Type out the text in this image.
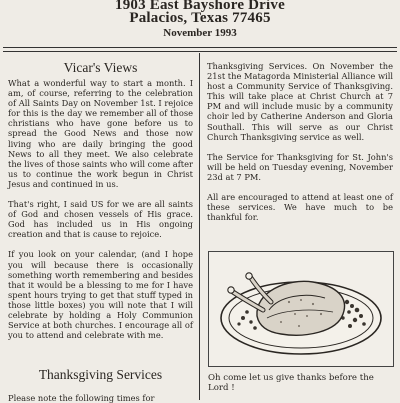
1903 East Bayshore Drive
Palacios, Texas 77465
November 1993
Vicar's Views

What a wonderful way to start a month. I am, of course, referring to the celebration of All Saints Day on November 1st. I rejoice for this is the day we remember all of those christians who have gone before us to spread the Good News and those now living who are daily bringing the good News to all they meet. We also celebrate the lives of those saints who will come after us to continue the work begun in Christ Jesus and continued in us.

That's right, I said US for we are all saints of God and chosen vessels of His grace. God has included us in His ongoing creation and that is cause to rejoice.

If you look on your calendar, (and I hope you will because there is occasionally something worth remembering and besides that it would be a blessing to me for I have spent hours trying to get that stuff typed in those little boxes) you will note that I will celebrate by holding a Holy Communion Service at both churches. I encourage all of you to attend and celebrate with me.

Thanksgiving Services
Please note the following times for

Thanksgiving Services. On November the 21st the Matagorda Ministerial Alliance will host a Community Service of Thanksgiving. This will take place at Christ Church at 7 PM and will include music by a community choir led by Catherine Anderson and Gloria Southall. This will serve as our Christ Church Thanksgiving service as well.

The Service for Thanksgiving for St. John's will be held on Tuesday evening, November 23d at 7 PM.

All are encouraged to attend at least one of these services. We have much to be thankful for.

Oh come let us give thanks before the Lord !
